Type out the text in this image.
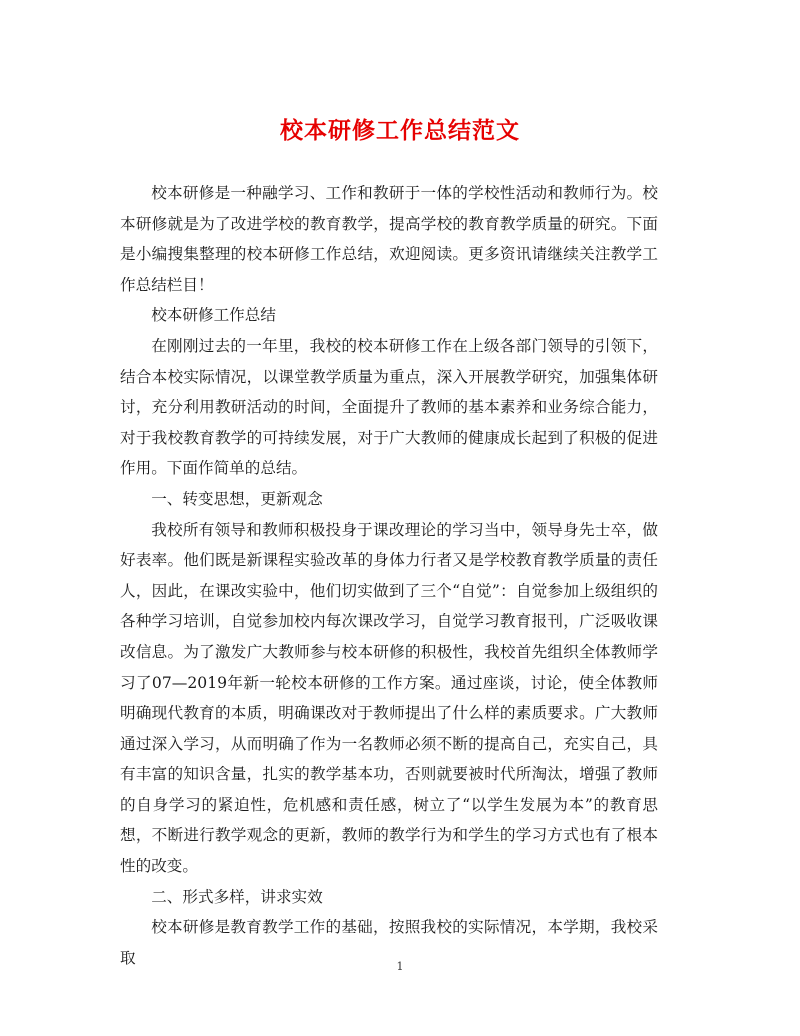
校本研修工作总结范文

校本研修是一种融学习、工作和教研于一体的学校性活动和教师行为。校本研修就是为了改进学校的教育教学，提高学校的教育教学质量的研究。下面是小编搜集整理的校本研修工作总结，欢迎阅读。更多资讯请继续关注教学工作总结栏目！

校本研修工作总结

在刚刚过去的一年里，我校的校本研修工作在上级各部门领导的引领下，结合本校实际情况，以课堂教学质量为重点，深入开展教学研究，加强集体研讨，充分利用教研活动的时间，全面提升了教师的基本素养和业务综合能力，对于我校教育教学的可持续发展，对于广大教师的健康成长起到了积极的促进作用。下面作简单的总结。

一、转变思想，更新观念

我校所有领导和教师积极投身于课改理论的学习当中，领导身先士卒，做好表率。他们既是新课程实验改革的身体力行者又是学校教育教学质量的责任人，因此，在课改实验中，他们切实做到了三个“自觉”：自觉参加上级组织的各种学习培训，自觉参加校内每次课改学习，自觉学习教育报刊，广泛吸收课改信息。为了激发广大教师参与校本研修的积极性，我校首先组织全体教师学习了07—2019年新一轮校本研修的工作方案。通过座谈，讨论，使全体教师明确现代教育的本质，明确课改对于教师提出了什么样的素质要求。广大教师通过深入学习，从而明确了作为一名教师必须不断的提高自己，充实自己，具有丰富的知识含量，扎实的教学基本功，否则就要被时代所淘汰，增强了教师的自身学习的紧迫性，危机感和责任感，树立了“以学生发展为本”的教育思想，不断进行教学观念的更新，教师的教学行为和学生的学习方式也有了根本性的改变。

二、形式多样，讲求实效

校本研修是教育教学工作的基础，按照我校的实际情况，本学期，我校采取	1
